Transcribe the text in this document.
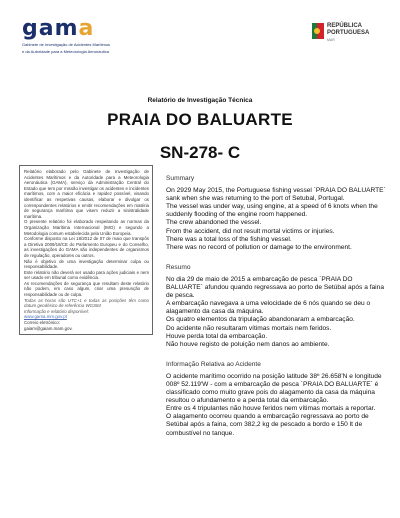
gama
Gabinete de Investigação de Acidentes Marítimos
e da Autoridade para a Meteorologia Aeronáutica
REPÚBLICA
PORTUGUESA
MAR
Relatório de Investigação Técnica
PRAIA DO BALUARTE
SN-278- C

Relatório elaborado pelo Gabinete de Investigação de Acidentes Marítimos e da Autoridade para a Meteorologia Aeronáutica (GAMA), serviço da Administração Central do Estado que tem por missão investigar os acidentes e incidentes marítimos, com a maior eficácia e rapidez possível, visando identificar as respetivas causas, elaborar e divulgar os correspondentes relatórios e emitir recomendações em matéria de segurança marítima que visem reduzir a sinistralidade marítima.

O presente relatório foi elaborado respeitando as normas da Organização Marítima Internacional (IMO) e segundo a Metodologia comum estabelecida pela União Europeia.

Conforme disposto na Lei 18/2012 de 07 de maio que transpôs a Diretiva 2009/18/CE do Parlamento Europeu e do Conselho, as investigações do GAMA são independentes de organismos de regulação, operadores ou outros.

Não é objetivo de uma investigação determinar culpa ou responsabilidade.

Este relatório não deverá ser usado para ações judiciais e nem ser usado em tribunal como evidência.

As recomendações de segurança que resultam deste relatório não podem, em caso algum, criar uma presunção de responsabilidade ou de culpa.

Todas as horas são UTC+1 e todas as posições têm como datum geodésico de referência WGS84

Informação e relatório disponível:

www.gama.mm.gov.pt

Correio eletrónico:

gaiam@gaiam.mam.gov.

Summary

On 2929 May 2015, the Portuguese fishing vessel ´PRAIA DO BALUARTE´ sank when she was returning to the port of Setubal, Portugal.

The vessel was under way, using engine, at a speed of 6 knots when the suddenly flooding of the engine room happened.

The crew abandoned the vessel.

From the accident, did not result mortal victims or injuries.

There was a total loss of the fishing vessel.

There was no record of pollution or damage to the environment.

Resumo

No dia 29 de maio de 2015 a embarcação de pesca ´PRAIA DO BALUARTE´ afundou quando regressava ao porto de Setúbal após a faina de pesca.

A embarcação navegava a uma velocidade de 6 nós quando se deu o alagamento da casa da máquina.

Os quatro elementos da tripulação abandonaram a embarcação.

Do acidente não resultaram vítimas mortais nem feridos.

Houve perda total da embarcação.

Não houve registo de poluição nem danos ao ambiente.

Informação Relativa ao Acidente

O acidente marítimo ocorrido na posição latitude 38º 26.658'N e longitude 008º 52.119'W - com a embarcação de pesca ´PRAIA DO BALUARTE´ é classificado como muito grave pois do alagamento da casa da máquina resultou o afundamento e a perda total da embarcação.

Entre os 4 tripulantes não houve feridos nem vítimas mortais a reportar.

O alagamento ocorreu quando a embarcação regressava ao porto de Setúbal após a faina, com 382,2 kg de pescado a bordo e 150 lt de combustível no tanque.
